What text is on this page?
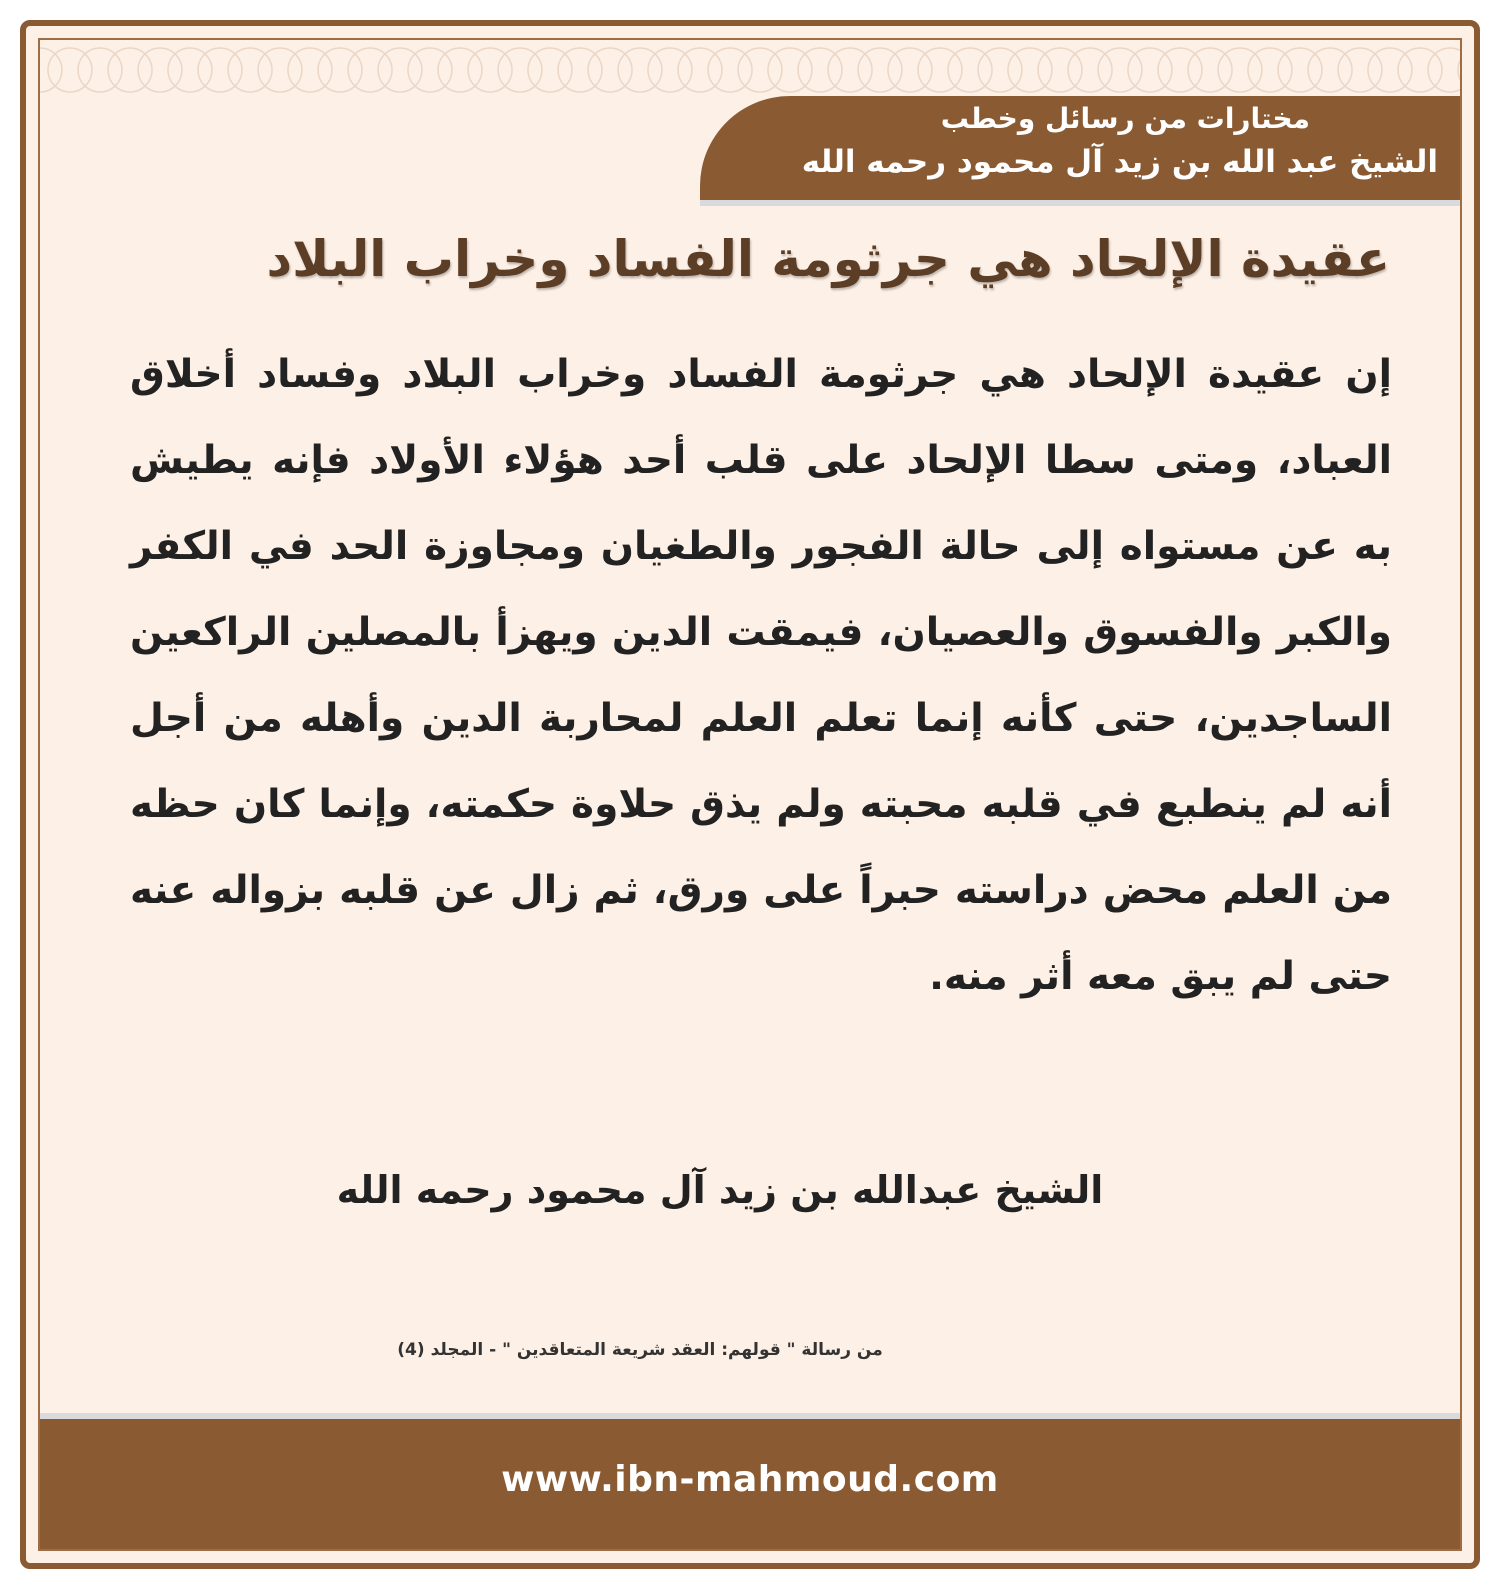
مختارات من رسائل وخطب
الشيخ عبد الله بن زيد آل محمود رحمه الله
عقيدة الإلحاد هي جرثومة الفساد وخراب البلاد

إن عقيدة الإلحاد هي جرثومة الفساد وخراب البلاد وفساد أخلاق العباد، ومتى سطا الإلحاد على قلب أحد هؤلاء الأولاد فإنه يطيش به عن مستواه إلى حالة الفجور والطغيان ومجاوزة الحد في الكفر والكبر والفسوق والعصيان، فيمقت الدين ويهزأ بالمصلين الراكعين الساجدين، حتى كأنه إنما تعلم العلم لمحاربة الدين وأهله من أجل أنه لم ينطبع في قلبه محبته ولم يذق حلاوة حكمته، وإنما كان حظه من العلم محض دراسته حبراً على ورق، ثم زال عن قلبه بزواله عنه حتى لم يبق معه أثر منه.

الشيخ عبدالله بن زيد آل محمود رحمه الله
من رسالة " قولهم: العقد شريعة المتعاقدين " - المجلد (4)
www.ibn-mahmoud.com
